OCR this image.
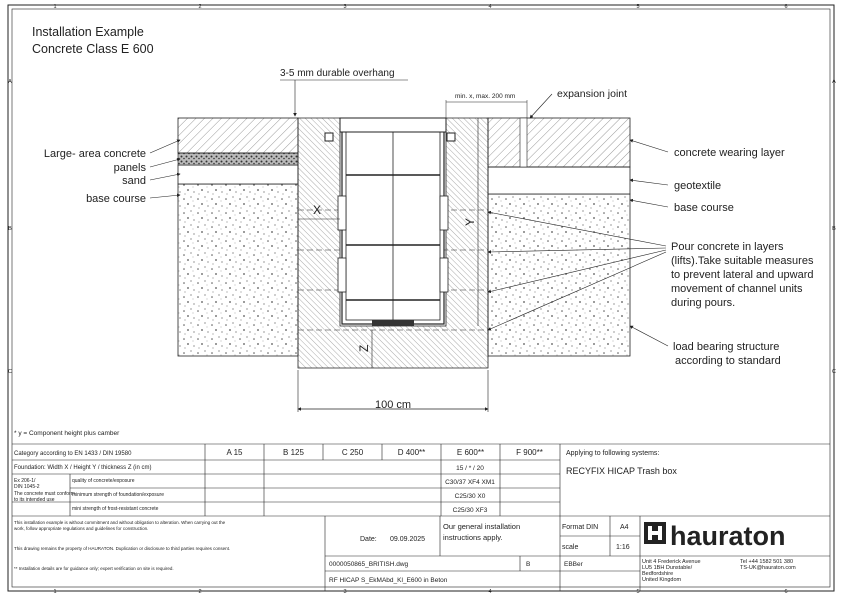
1
1
2
2
3
3
4
4
5
5
6
6
A	A
B	B
C	C
Installation Example
Concrete Class E 600
3-5 mm durable overhang
min. x, max. 200 mm	expansion joint
Large- area concrete
panels
sand
base course
concrete wearing layer
geotextile
base course
Pour concrete in layers
(lifts).Take suitable measures
to prevent lateral and upward
movement of channel units
during pours.
load bearing structure
according to standard
X
Y
Z
100 cm
* y = Component height plus camber
Category according to EN 1433 / DIN 19580	A 15	B 125	C 250	D 400**	E 600**	F 900**
Foundation: Width X / Height Y / thickness Z (in cm)	15 / * / 20
Ex 206-1/
DIN 1045-2
quality of concrete/exposure	C30/37 XF4 XM1
The concrete must conform
to its intended use
minimum strength of foundation/exposure	C25/30 X0
mini strength of frost-resistant concrete	C25/30 XF3
Applying to following systems:
RECYFIX HICAP Trash box
This installation example is without commitment and without obligation to alteration. When carrying out the
work, follow appropriate regulations and guidelines for construction.
This drawing remains the property of HAURATON. Duplication or disclosure to third parties requires consent.
** Installation details are for guidance only; expert verification on site is required.
Date: 09.09.2025
Our general installation
instructions apply.
Format DIN	A4
scale	1:16
0000050865_BRITISH.dwg	B	EBBer
RF HICAP S_EkMAbd_Kl_E600 in Beton
hauraton
Unit 4 Frederick Avenue
LU5 1BH Dunstable/
Bedfordshire
United Kingdom
Tel +44 1582 501 380
TS-UK@hauraton.com
